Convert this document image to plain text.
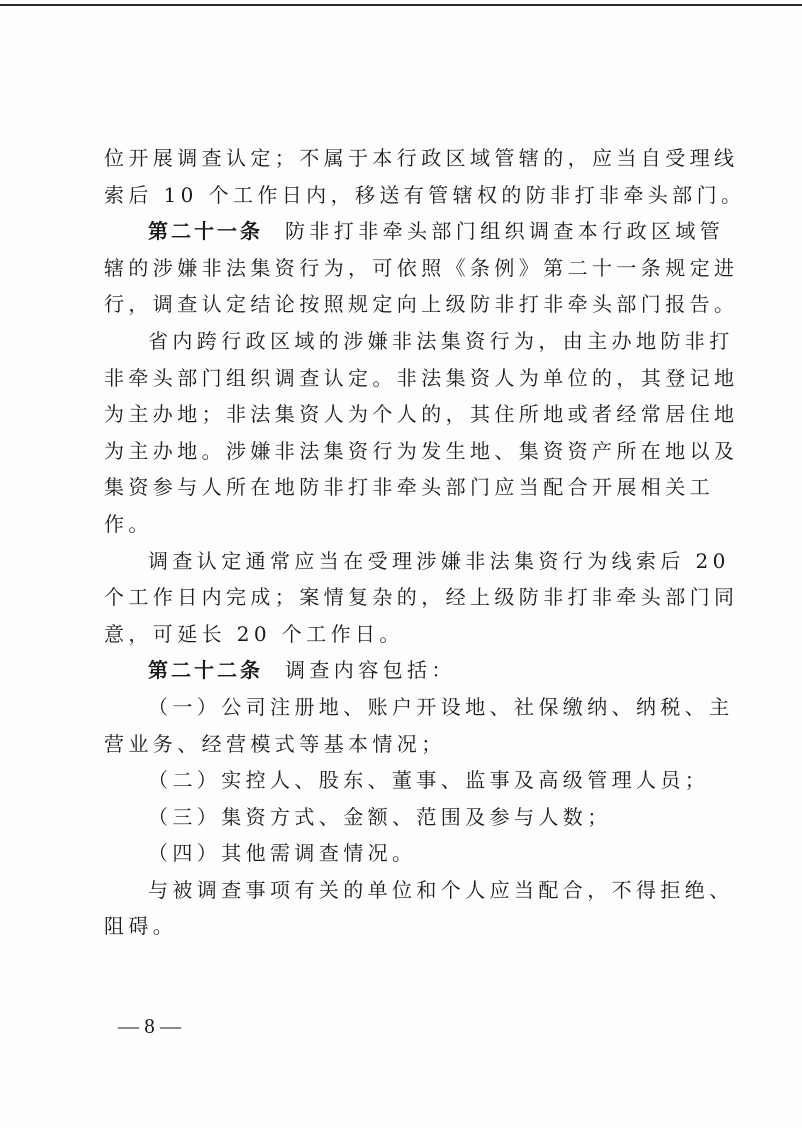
位开展调查认定；不属于本行政区域管辖的，应当自受理线
索后 10 个工作日内，移送有管辖权的防非打非牵头部门。
第二十一条 防非打非牵头部门组织调查本行政区域管
辖的涉嫌非法集资行为，可依照《条例》第二十一条规定进
行，调查认定结论按照规定向上级防非打非牵头部门报告。
省内跨行政区域的涉嫌非法集资行为，由主办地防非打
非牵头部门组织调查认定。非法集资人为单位的，其登记地
为主办地；非法集资人为个人的，其住所地或者经常居住地
为主办地。涉嫌非法集资行为发生地、集资资产所在地以及
集资参与人所在地防非打非牵头部门应当配合开展相关工
作。
调查认定通常应当在受理涉嫌非法集资行为线索后 20
个工作日内完成；案情复杂的，经上级防非打非牵头部门同
意，可延长 20 个工作日。
第二十二条 调查内容包括：
（一）公司注册地、账户开设地、社保缴纳、纳税、主
营业务、经营模式等基本情况；
（二）实控人、股东、董事、监事及高级管理人员；
（三）集资方式、金额、范围及参与人数；
（四）其他需调查情况。
与被调查事项有关的单位和个人应当配合，不得拒绝、
阻碍。
— 8 —
